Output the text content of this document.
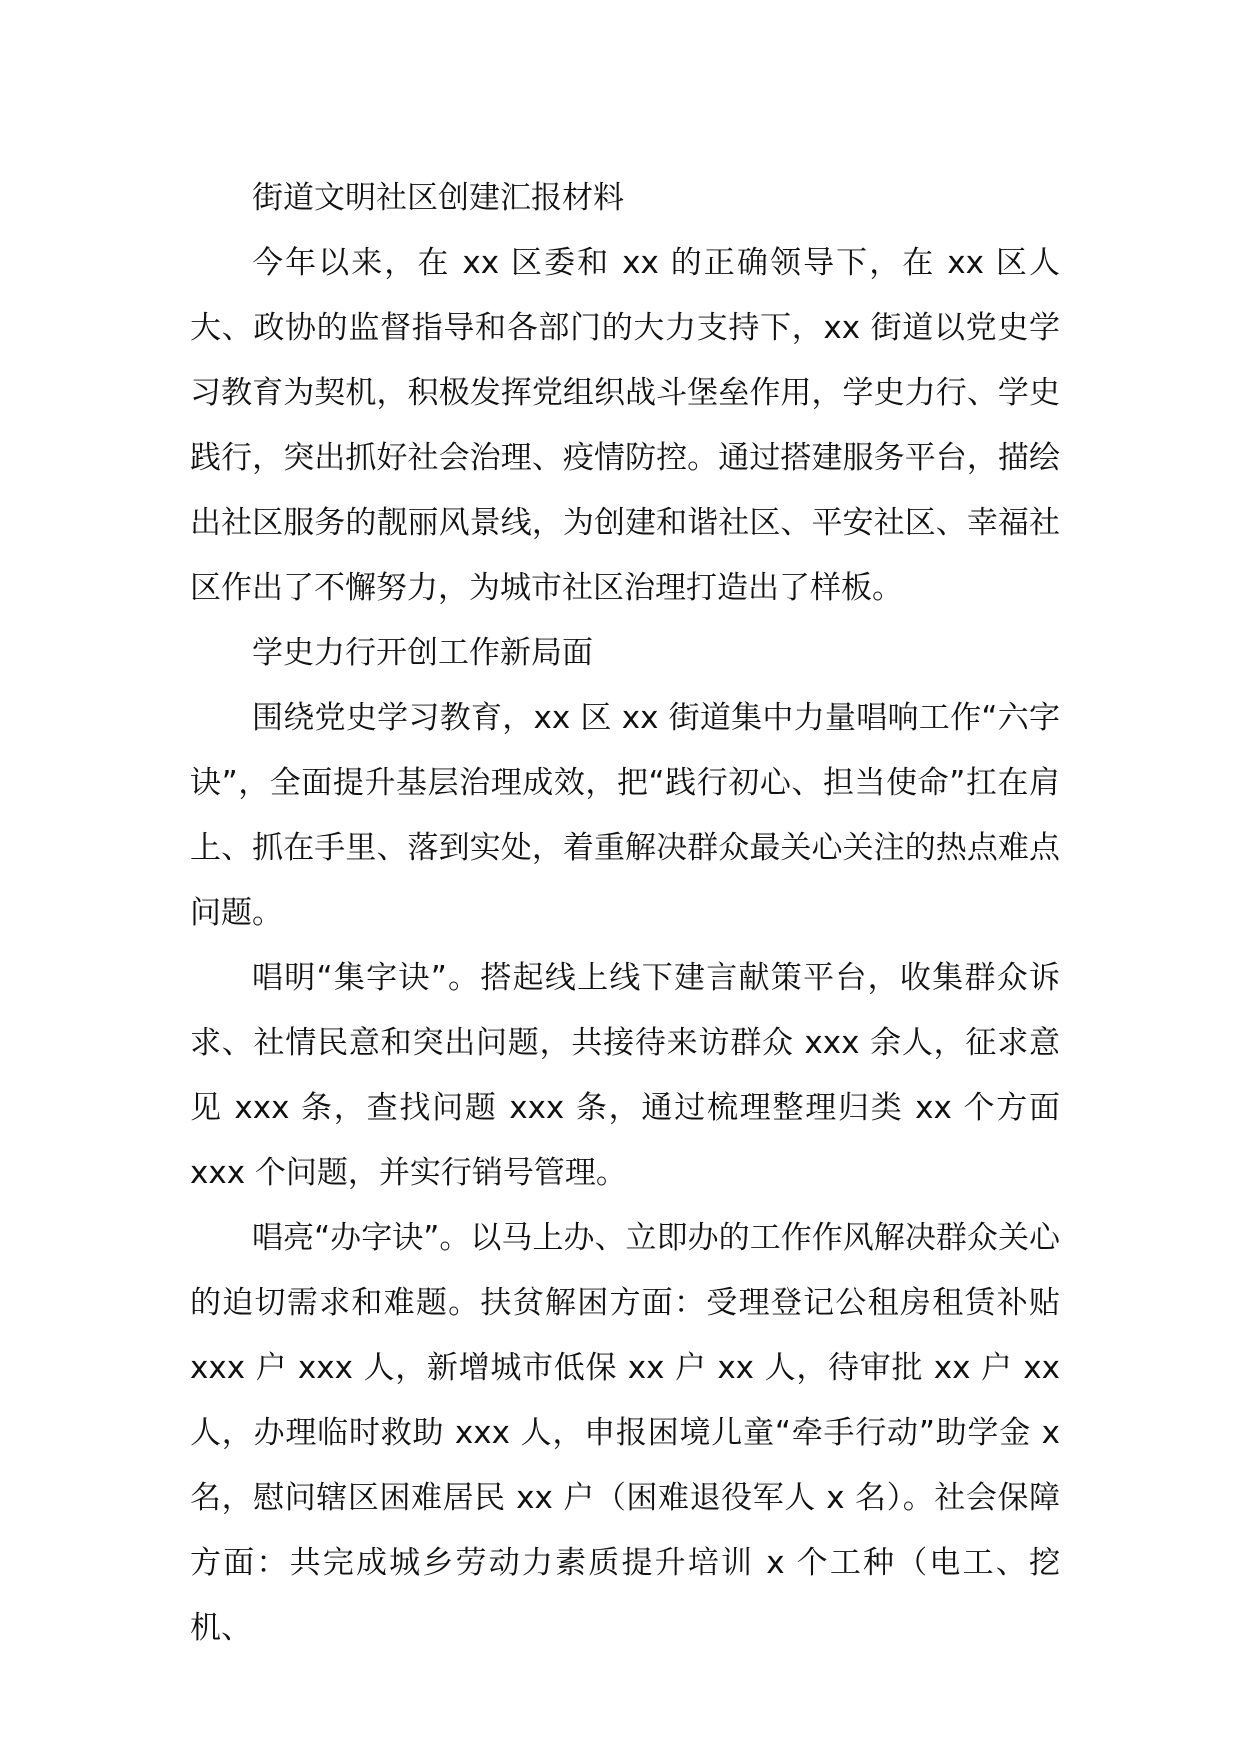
街道文明社区创建汇报材料

今年以来，在 xx 区委和 xx 的正确领导下，在 xx 区人大、政协的监督指导和各部门的大力支持下，xx 街道以党史学习教育为契机，积极发挥党组织战斗堡垒作用，学史力行、学史践行，突出抓好社会治理、疫情防控。通过搭建服务平台，描绘出社区服务的靓丽风景线，为创建和谐社区、平安社区、幸福社区作出了不懈努力，为城市社区治理打造出了样板。

学史力行开创工作新局面

围绕党史学习教育，xx 区 xx 街道集中力量唱响工作“六字诀”，全面提升基层治理成效，把“践行初心、担当使命”扛在肩上、抓在手里、落到实处，着重解决群众最关心关注的热点难点问题。

唱明“集字诀”。搭起线上线下建言献策平台，收集群众诉求、社情民意和突出问题，共接待来访群众 xxx 余人，征求意见 xxx 条，查找问题 xxx 条，通过梳理整理归类 xx 个方面 xxx 个问题，并实行销号管理。

唱亮“办字诀”。以马上办、立即办的工作作风解决群众关心的迫切需求和难题。扶贫解困方面：受理登记公租房租赁补贴 xxx 户 xxx 人，新增城市低保 xx 户 xx 人，待审批 xx 户 xx 人，办理临时救助 xxx 人，申报困境儿童“牵手行动”助学金 x 名，慰问辖区困难居民 xx 户（困难退役军人 x 名）。社会保障方面：共完成城乡劳动力素质提升培训 x 个工种（电工、挖机、
